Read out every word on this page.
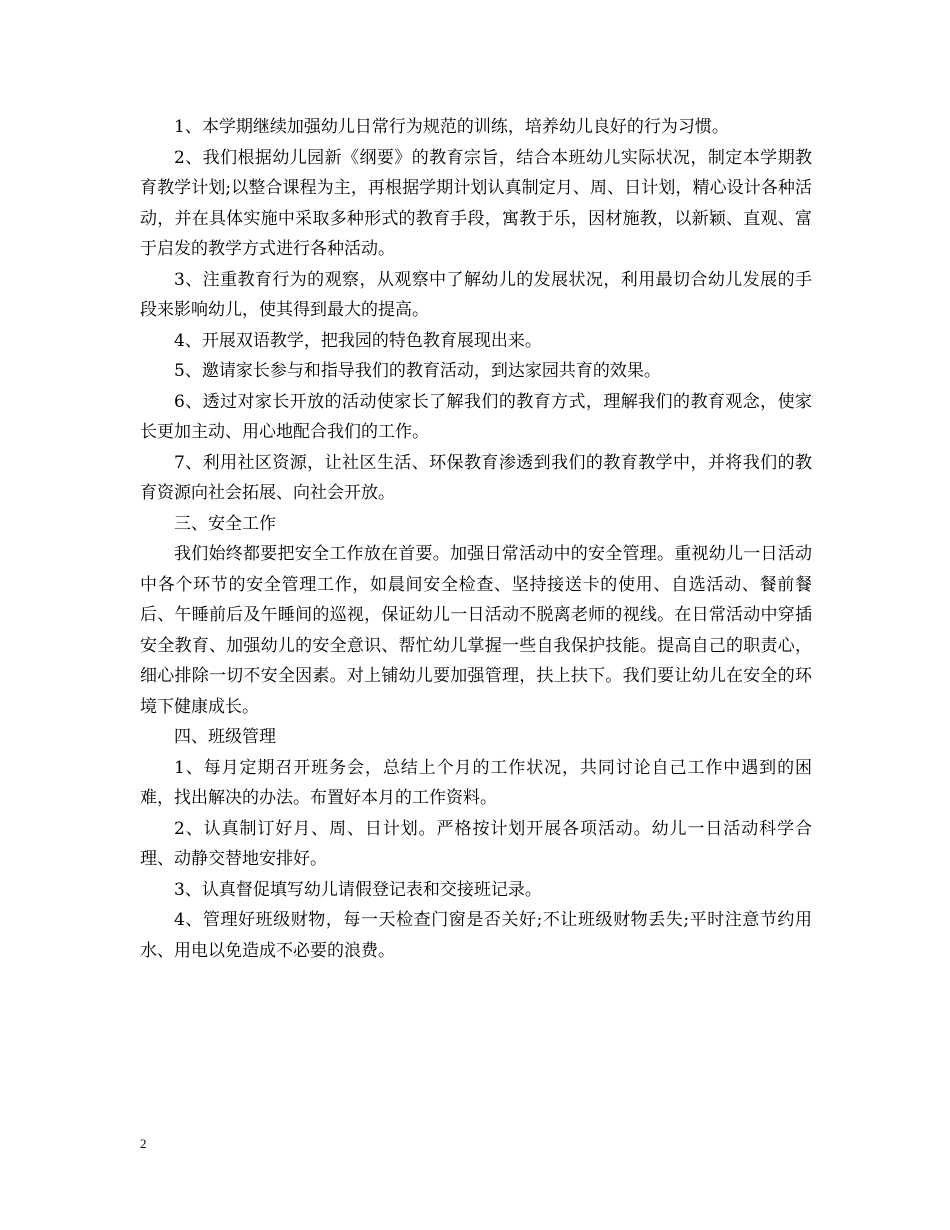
1、本学期继续加强幼儿日常行为规范的训练，培养幼儿良好的行为习惯。

2、我们根据幼儿园新《纲要》的教育宗旨，结合本班幼儿实际状况，制定本学期教育教学计划;以整合课程为主，再根据学期计划认真制定月、周、日计划，精心设计各种活动，并在具体实施中采取多种形式的教育手段，寓教于乐，因材施教，以新颖、直观、富于启发的教学方式进行各种活动。

3、注重教育行为的观察，从观察中了解幼儿的发展状况，利用最切合幼儿发展的手段来影响幼儿，使其得到最大的提高。

4、开展双语教学，把我园的特色教育展现出来。

5、邀请家长参与和指导我们的教育活动，到达家园共育的效果。

6、透过对家长开放的活动使家长了解我们的教育方式，理解我们的教育观念，使家长更加主动、用心地配合我们的工作。

7、利用社区资源，让社区生活、环保教育渗透到我们的教育教学中，并将我们的教育资源向社会拓展、向社会开放。

三、安全工作

我们始终都要把安全工作放在首要。加强日常活动中的安全管理。重视幼儿一日活动中各个环节的安全管理工作，如晨间安全检查、坚持接送卡的使用、自选活动、餐前餐后、午睡前后及午睡间的巡视，保证幼儿一日活动不脱离老师的视线。在日常活动中穿插安全教育、加强幼儿的安全意识、帮忙幼儿掌握一些自我保护技能。提高自己的职责心，细心排除一切不安全因素。对上铺幼儿要加强管理，扶上扶下。我们要让幼儿在安全的环境下健康成长。

四、班级管理

1、每月定期召开班务会，总结上个月的工作状况，共同讨论自己工作中遇到的困难，找出解决的办法。布置好本月的工作资料。

2、认真制订好月、周、日计划。严格按计划开展各项活动。幼儿一日活动科学合理、动静交替地安排好。

3、认真督促填写幼儿请假登记表和交接班记录。

4、管理好班级财物，每一天检查门窗是否关好;不让班级财物丢失;平时注意节约用水、用电以免造成不必要的浪费。

2
